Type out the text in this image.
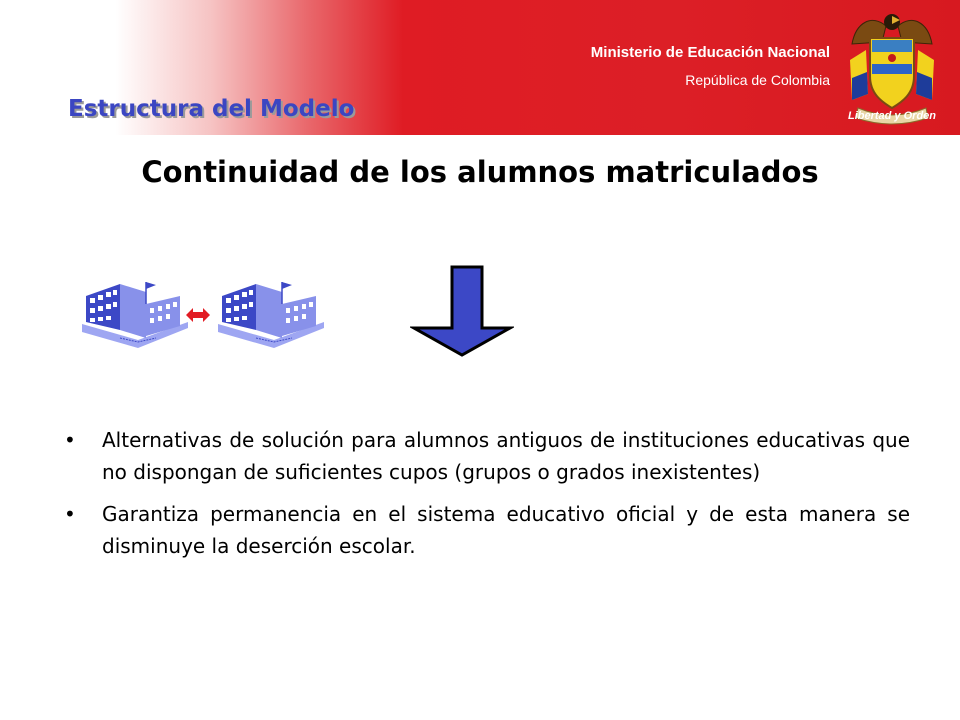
Estructura del Modelo
Ministerio de Educación Nacional
República de Colombia
Libertad y Orden
Continuidad de los alumnos matriculados
•	Alternativas de solución para alumnos antiguos de instituciones educativas que no dispongan de suficientes cupos (grupos o grados inexistentes)
•	Garantiza permanencia en el sistema educativo oficial y de esta manera se disminuye la deserción escolar.
